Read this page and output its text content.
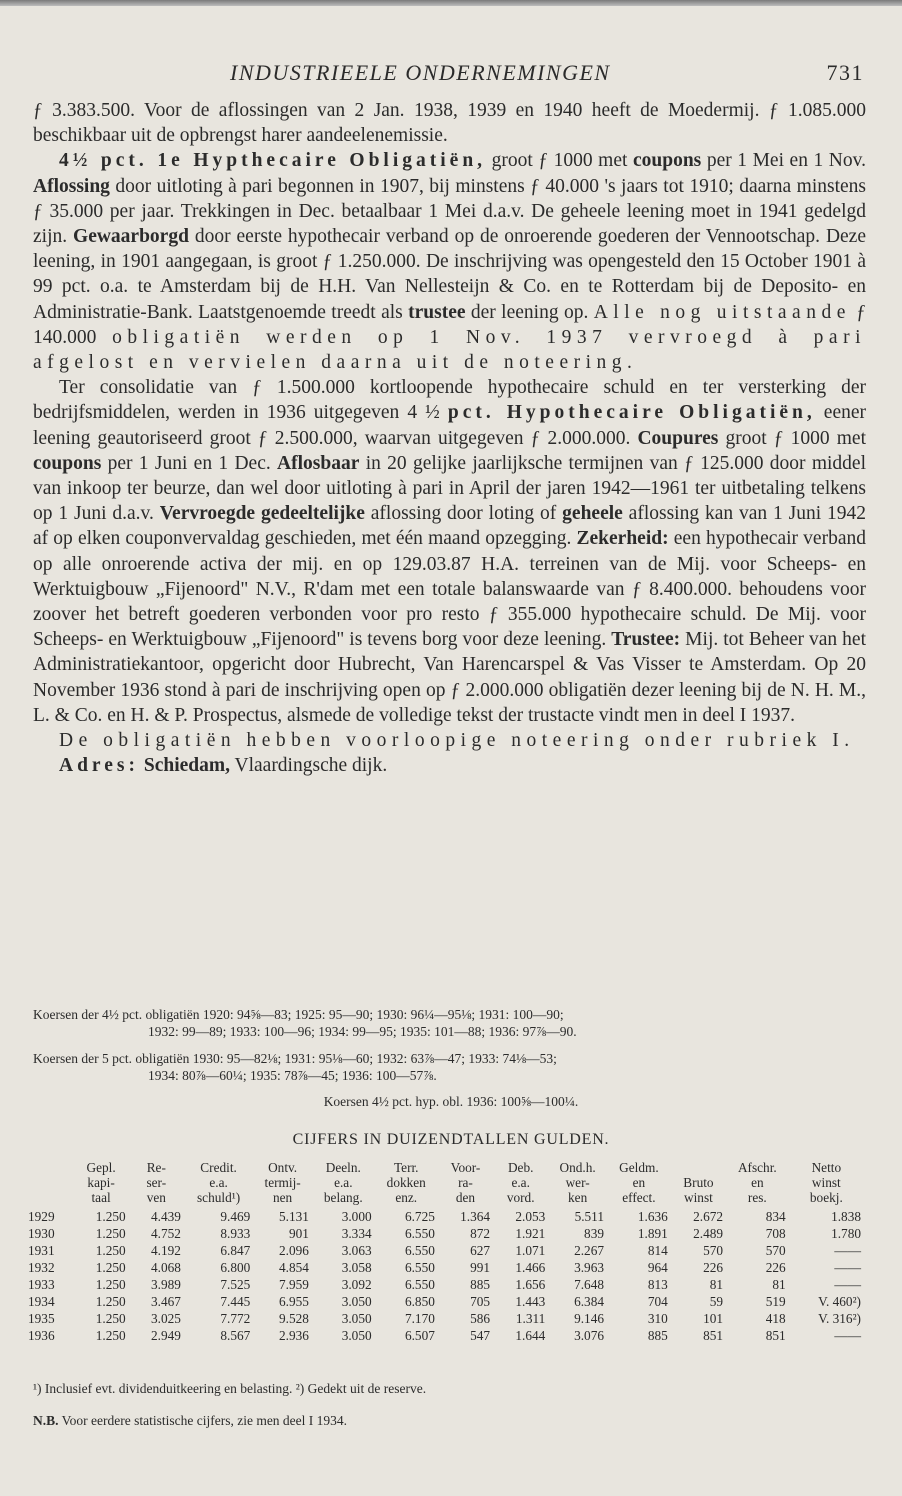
INDUSTRIEELE ONDERNEMINGEN	731

ƒ 3.383.500. Voor de aflossingen van 2 Jan. 1938, 1939 en 1940 heeft de Moedermij. ƒ 1.085.000 beschikbaar uit de opbrengst harer aandeelenemissie.

4½ pct. 1e Hypthecaire Obligatiën, groot ƒ 1000 met coupons per 1 Mei en 1 Nov. Aflossing door uitloting à pari begonnen in 1907, bij minstens ƒ 40.000 's jaars tot 1910; daarna minstens ƒ 35.000 per jaar. Trekkingen in Dec. betaalbaar 1 Mei d.a.v. De geheele leening moet in 1941 gedelgd zijn. Gewaarborgd door eerste hypothecair verband op de onroerende goederen der Vennootschap. Deze leening, in 1901 aangegaan, is groot ƒ 1.250.000. De inschrijving was opengesteld den 15 October 1901 à 99 pct. o.a. te Amsterdam bij de H.H. Van Nellesteijn & Co. en te Rotterdam bij de Deposito- en Administratie-Bank. Laatstgenoemde treedt als trustee der leening op. Alle nog uitstaande ƒ 140.000 obligatiën werden op 1 Nov. 1937 vervroegd à pari afgelost en vervielen daarna uit de noteering.

Ter consolidatie van ƒ 1.500.000 kortloopende hypothecaire schuld en ter versterking der bedrijfsmiddelen, werden in 1936 uitgegeven 4 ½ pct. Hypothecaire Obligatiën, eener leening geautoriseerd groot ƒ 2.500.000, waarvan uitgegeven ƒ 2.000.000. Coupures groot ƒ 1000 met coupons per 1 Juni en 1 Dec. Aflosbaar in 20 gelijke jaarlijksche termijnen van ƒ 125.000 door middel van inkoop ter beurze, dan wel door uitloting à pari in April der jaren 1942—1961 ter uitbetaling telkens op 1 Juni d.a.v. Vervroegde gedeeltelijke aflossing door loting of geheele aflossing kan van 1 Juni 1942 af op elken couponvervaldag geschieden, met één maand opzegging. Zekerheid: een hypothecair verband op alle onroerende activa der mij. en op 129.03.87 H.A. terreinen van de Mij. voor Scheeps- en Werktuigbouw „Fijenoord" N.V., R'dam met een totale balanswaarde van ƒ 8.400.000. behoudens voor zoover het betreft goederen verbonden voor pro resto ƒ 355.000 hypothecaire schuld. De Mij. voor Scheeps- en Werktuigbouw „Fijenoord" is tevens borg voor deze leening. Trustee: Mij. tot Beheer van het Administratiekantoor, opgericht door Hubrecht, Van Harencarspel & Vas Visser te Amsterdam. Op 20 November 1936 stond à pari de inschrijving open op ƒ 2.000.000 obligatiën dezer leening bij de N. H. M., L. & Co. en H. & P. Prospectus, alsmede de volledige tekst der trustacte vindt men in deel I 1937.

De obligatiën hebben voorloopige noteering onder rubriek I.

Adres: Schiedam, Vlaardingsche dijk.

Koersen der 4½ pct. obligatiën 1920: 94⅝—83; 1925: 95—90; 1930: 96¼—95⅛; 1931: 100—90;
1932: 99—89; 1933: 100—96; 1934: 99—95; 1935: 101—88; 1936: 97⅞—90.
Koersen der 5 pct. obligatiën 1930: 95—82⅛; 1931: 95⅛—60; 1932: 63⅞—47; 1933: 74⅛—53;
1934: 80⅞—60¼; 1935: 78⅞—45; 1936: 100—57⅞.
Koersen 4½ pct. hyp. obl. 1936: 100⅝—100¼.
CIJFERS IN DUIZENDTALLEN GULDEN.
	Gepl.	Re-	Credit.	Ontv.	Deeln.	Terr.	Voor-	Deb.	Ond.h.	Geldm.		Afschr.	Netto
	kapi-	ser-	e.a.	termij-	e.a.	dokken	ra-	e.a.	wer-	en	Bruto	en	winst
	taal	ven	schuld¹)	nen	belang.	enz.	den	vord.	ken	effect.	winst	res.	boekj.
1929	1.250	4.439	9.469	5.131	3.000	6.725	1.364	2.053	5.511	1.636	2.672	834	1.838
1930	1.250	4.752	8.933	901	3.334	6.550	872	1.921	839	1.891	2.489	708	1.780
1931	1.250	4.192	6.847	2.096	3.063	6.550	627	1.071	2.267	814	570	570	——
1932	1.250	4.068	6.800	4.854	3.058	6.550	991	1.466	3.963	964	226	226	——
1933	1.250	3.989	7.525	7.959	3.092	6.550	885	1.656	7.648	813	81	81	——
1934	1.250	3.467	7.445	6.955	3.050	6.850	705	1.443	6.384	704	59	519	V. 460²)
1935	1.250	3.025	7.772	9.528	3.050	7.170	586	1.311	9.146	310	101	418	V. 316²)
1936	1.250	2.949	8.567	2.936	3.050	6.507	547	1.644	3.076	885	851	851	——
¹) Inclusief evt. dividenduitkeering en belasting. ²) Gedekt uit de reserve.
N.B. Voor eerdere statistische cijfers, zie men deel I 1934.
